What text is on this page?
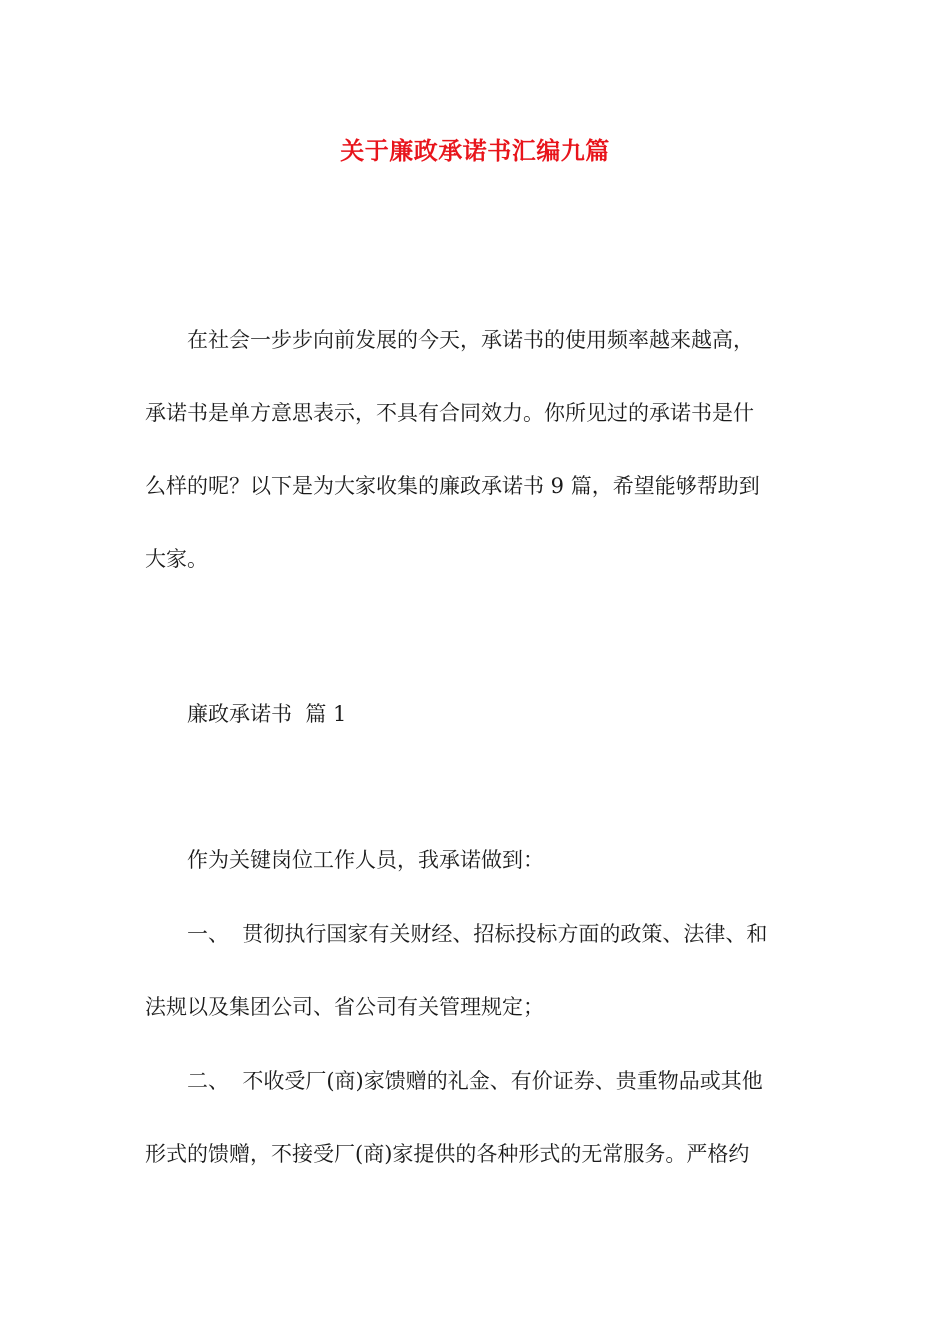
关于廉政承诺书汇编九篇
在社会一步步向前发展的今天，承诺书的使用频率越来越高，
承诺书是单方意思表示，不具有合同效力。你所见过的承诺书是什
么样的呢？以下是为大家收集的廉政承诺书 9 篇，希望能够帮助到
大家。
廉政承诺书  篇 1
作为关键岗位工作人员，我承诺做到：
一、  贯彻执行国家有关财经、招标投标方面的政策、法律、和
法规以及集团公司、省公司有关管理规定；
二、  不收受厂(商)家馈赠的礼金、有价证券、贵重物品或其他
形式的馈赠，不接受厂(商)家提供的各种形式的无常服务。严格约
